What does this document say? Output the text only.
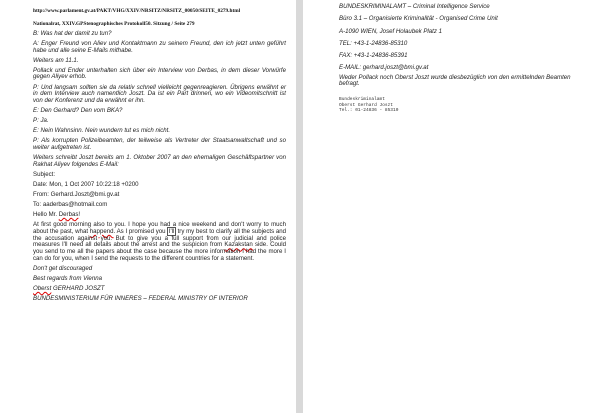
http://www.parlament.gv.at/PAKT/VHG/XXIV/NRSITZ/NRSITZ_00050/SEITE_0279.html

Nationalrat, XXIV.GPStenographisches Protokoll50. Sitzung / Seite 279

B: Was hat der damit zu tun?

A: Enger Freund von Aliev und Kontaktmann zu seinem Freund, den ich jetzt unten geführt habe und alle seine E-Mails mithabe.

Weiters am 11.1.

Pollack und Ender unterhalten sich über ein Interview von Derbas, in dem dieser Vorwürfe gegen Aliyev erhob.

P: Und langsam sollten sie da relativ schnell vielleicht gegenreagieren. Übrigens erwähnt er in dem Interview auch namentlich Joszt. Da ist ein Part drinnen, wo ein Videomitschnitt ist von der Konferenz und da erwähnt er ihn.

E: Den Gerhard? Den vom BKA?

P: Ja.

E: Nein Wahnsinn. Nein wundern tut es mich nicht.

P: Als korrupten Polizeibeamten, der teilweise als Vertreter der Staatsanwaltschaft und so weiter aufgetreten ist.

Weiters schreibt Joszt bereits am 1. Oktober 2007 an den ehemaligen Geschäftspartner von Rakhat Aliyev folgendes E-Mail:

Subject:

Date: Mon, 1 Oct 2007 10:22:18 +0200

From: Gerhard.Joszt@bmi.gv.at

To: aaderbas@hotmail.com

Hello Mr. Derbas!

At first good morning also to you. I hope you had a nice weekend and don't worry to much about the past, what happend. As I promised you I'll try my best to clarify all the subjects and the accusation against you. But to give you a full support from our judicial and police measures I'll need all details about the arrest and the suspicion from Kazakstan side. Could you send to me all the papers about the case because the more information I had the more I can do for you, when I send the requests to the different countries for a statement.

Don't get discouraged

Best regards from Vienna

Oberst GERHARD JOSZT

BUNDESMINISTERIUM FÜR INNERES – FEDERAL MINISTRY OF INTERIOR

BUNDESKRIMINALAMT – Criminal Intelligence Service

Büro 3.1 – Organisierte Kriminalität - Organised Crime Unit

A-1090 WIEN, Josef Holaubek Platz 1

TEL: +43-1-24836-85310

FAX: +43-1-24836-85391

E-MAIL: gerhard.joszt@bmi.gv.at

Weder Pollack noch Oberst Joszt wurde diesbezüglich von den ermittelnden Beamten befragt.

Bundeskriminalamt

Oberst Gerhard Joszt

Tel.: 01-24836 - 85310
